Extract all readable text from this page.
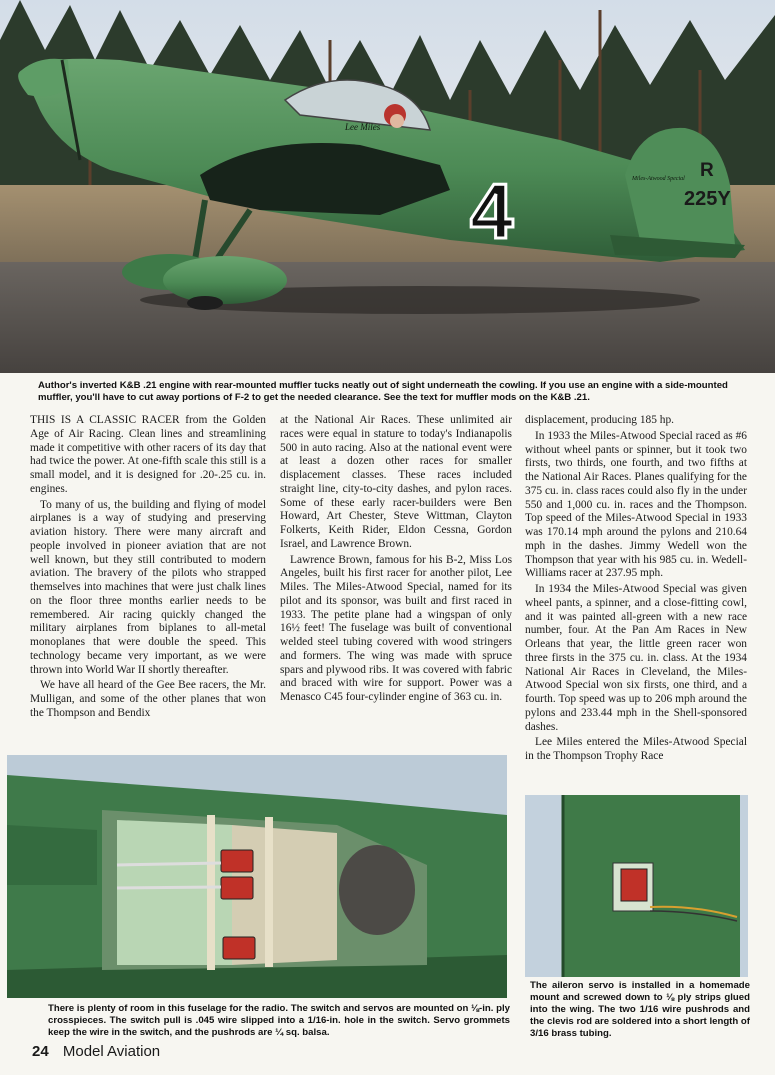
4	R
225Y
Lee Miles
Miles-Atwood Special
Author's inverted K&B .21 engine with rear-mounted muffler tucks neatly out of sight underneath the cowling. If you use an engine with a side-mounted muffler, you'll have to cut away portions of F-2 to get the needed clearance. See the text for muffler mods on the K&B .21.

THIS IS A CLASSIC RACER from the Golden Age of Air Racing. Clean lines and streamlining made it competitive with other racers of its day that had twice the power. At one-fifth scale this still is a small model, and it is designed for .20-.25 cu. in. engines.

To many of us, the building and flying of model airplanes is a way of studying and preserving aviation history. There were many aircraft and people involved in pioneer aviation that are not well known, but they still contributed to modern aviation. The bravery of the pilots who strapped themselves into machines that were just chalk lines on the floor three months earlier needs to be remembered. Air racing quickly changed the military airplanes from biplanes to all-metal monoplanes that were double the speed. This technology became very important, as we were thrown into World War II shortly thereafter.

We have all heard of the Gee Bee racers, the Mr. Mulligan, and some of the other planes that won the Thompson and Bendix

at the National Air Races. These unlimited air races were equal in stature to today's Indianapolis 500 in auto racing. Also at the national event were at least a dozen other races for smaller displacement classes. These races included straight line, city-to-city dashes, and pylon races. Some of these early racer-builders were Ben Howard, Art Chester, Steve Wittman, Clayton Folkerts, Keith Rider, Eldon Cessna, Gordon Israel, and Lawrence Brown.

Lawrence Brown, famous for his B-2, Miss Los Angeles, built his first racer for another pilot, Lee Miles. The Miles-Atwood Special, named for its pilot and its sponsor, was built and first raced in 1933. The petite plane had a wingspan of only 16½ feet! The fuselage was built of conventional welded steel tubing covered with wood stringers and formers. The wing was made with spruce spars and plywood ribs. It was covered with fabric and braced with wire for support. Power was a Menasco C45 four-cylinder engine of 363 cu. in.

displacement, producing 185 hp.

In 1933 the Miles-Atwood Special raced as #6 without wheel pants or spinner, but it took two firsts, two thirds, one fourth, and two fifths at the National Air Races. Planes qualifying for the 375 cu. in. class races could also fly in the under 550 and 1,000 cu. in. races and the Thompson. Top speed of the Miles-Atwood Special in 1933 was 170.14 mph around the pylons and 210.64 mph in the dashes. Jimmy Wedell won the Thompson that year with his 985 cu. in. Wedell-Williams racer at 237.95 mph.

In 1934 the Miles-Atwood Special was given wheel pants, a spinner, and a close-fitting cowl, and it was painted all-green with a new race number, four. At the Pan Am Races in New Orleans that year, the little green racer won three firsts in the 375 cu. in. class. At the 1934 National Air Races in Cleveland, the Miles-Atwood Special won six firsts, one third, and a fourth. Top speed was up to 206 mph around the pylons and 233.44 mph in the Shell-sponsored dashes.

Lee Miles entered the Miles-Atwood Special in the Thompson Trophy Race

There is plenty of room in this fuselage for the radio. The switch and servos are mounted on ⅛-in. ply crosspieces. The switch pull is .045 wire slipped into a 1/16-in. hole in the switch. Servo grommets keep the wire in the switch, and the pushrods are ¼ sq. balsa.
The aileron servo is installed in a homemade mount and screwed down to ⅛ ply strips glued into the wing. The two 1/16 wire pushrods and the clevis rod are soldered into a short length of 3/16 brass tubing.
24 Model Aviation
